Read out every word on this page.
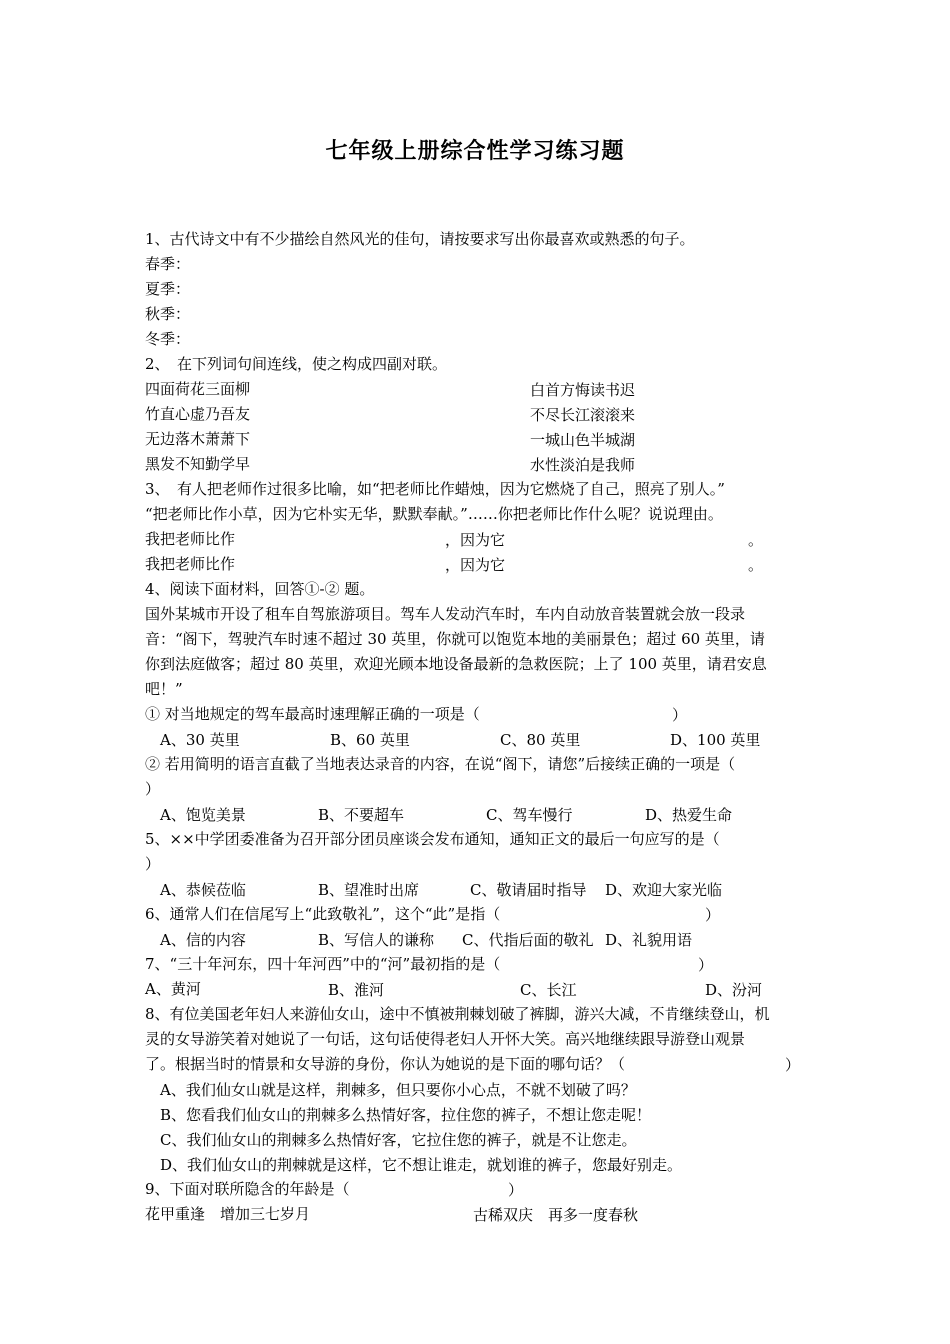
七年级上册综合性学习练习题
1、古代诗文中有不少描绘自然风光的佳句，请按要求写出你最喜欢或熟悉的句子。
春季：
夏季：
秋季：
冬季：
2、　在下列词句间连线，使之构成四副对联。
四面荷花三面柳	白首方悔读书迟
竹直心虚乃吾友	不尽长江滚滚来
无边落木萧萧下	一城山色半城湖
黑发不知勤学早	水性淡泊是我师
3、　有人把老师作过很多比喻，如“把老师比作蜡烛，因为它燃烧了自己，照亮了别人。”
“把老师比作小草，因为它朴实无华，默默奉献。”……你把老师比作什么呢？说说理由。
我把老师比作	，因为它	。
我把老师比作	，因为它	。
4、阅读下面材料，回答①-② 题。
国外某城市开设了租车自驾旅游项目。驾车人发动汽车时，车内自动放音装置就会放一段录
音：“阁下，驾驶汽车时速不超过 30 英里，你就可以饱览本地的美丽景色；超过 60 英里，请
你到法庭做客；超过 80 英里，欢迎光顾本地设备最新的急救医院；上了 100 英里，请君安息
吧！”
① 对当地规定的驾车最高时速理解正确的一项是（	）
A、30 英里	B、60 英里	C、80 英里	D、100 英里
② 若用简明的语言直截了当地表达录音的内容，在说“阁下，请您”后接续正确的一项是（
）
A、饱览美景	B、不要超车	C、驾车慢行	D、热爱生命
5、××中学团委准备为召开部分团员座谈会发布通知，通知正文的最后一句应写的是（
）
A、恭候莅临	B、望准时出席	C、敬请届时指导 D、欢迎大家光临
6、通常人们在信尾写上“此致敬礼”，这个“此”是指（	）
A、信的内容	B、写信人的谦称 C、代指后面的敬礼 D、礼貌用语
7、“三十年河东，四十年河西”中的“河”最初指的是（	）
A、黄河	B、淮河	C、长江	D、汾河
8、有位美国老年妇人来游仙女山，途中不慎被荆棘划破了裤脚，游兴大减，不肯继续登山，机
灵的女导游笑着对她说了一句话，这句话使得老妇人开怀大笑。高兴地继续跟导游登山观景
了。根据当时的情景和女导游的身份，你认为她说的是下面的哪句话？（	）
A、我们仙女山就是这样，荆棘多，但只要你小心点，不就不划破了吗？
B、您看我们仙女山的荆棘多么热情好客，拉住您的裤子，不想让您走呢！
C、我们仙女山的荆棘多么热情好客，它拉住您的裤子，就是不让您走。
D、我们仙女山的荆棘就是这样，它不想让谁走，就划谁的裤子，您最好别走。
9、下面对联所隐含的年龄是（	）
花甲重逢　增加三七岁月	古稀双庆　再多一度春秋
